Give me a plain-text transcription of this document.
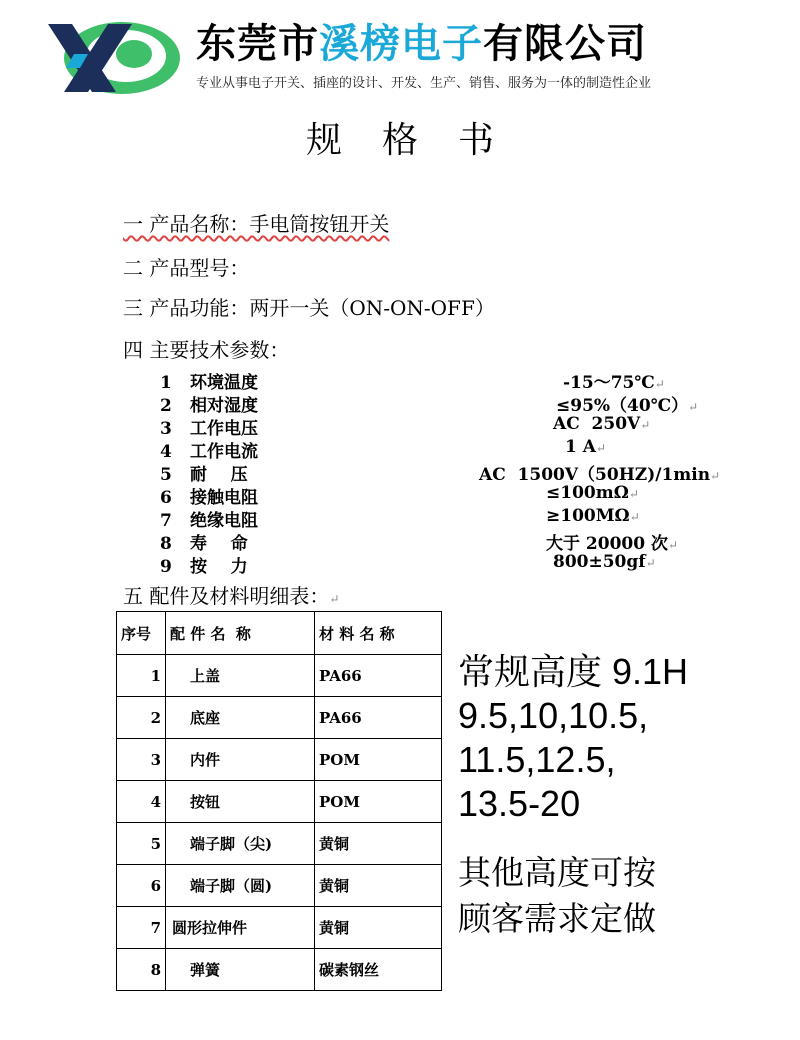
东莞市溪榜电子有限公司
专业从事电子开关、插座的设计、开发、生产、销售、服务为一体的制造性企业
规格书
一 产品名称：手电筒按钮开关
二 产品型号：
三 产品功能：两开一关（ON-ON-OFF）
四 主要技术参数：
1 环境温度	-15～75℃↵
2 相对湿度	≤95%（40℃）↵
3 工作电压	AC  250V↵
4 工作电流	1 A↵
5 耐    压	AC  1500V（50HZ)/1min↵
6 接触电阻	≤100mΩ↵
7 绝缘电阻	≥100MΩ↵
8 寿    命	大于 20000 次↵
9 按    力	800±50gf↵
五 配件及材料明细表：↵
序号	配 件 名  称	材 料 名 称
1	上盖	PA66
2	底座	PA66
3	内件	POM
4	按钮	POM
5	端子脚（尖)	黄铜
6	端子脚（圆)	黄铜
7	圆形拉伸件	黄铜
8	弹簧	碳素钢丝
常规高度 9.1H
9.5,10,10.5,
11.5,12.5,
13.5-20
其他高度可按
顾客需求定做
